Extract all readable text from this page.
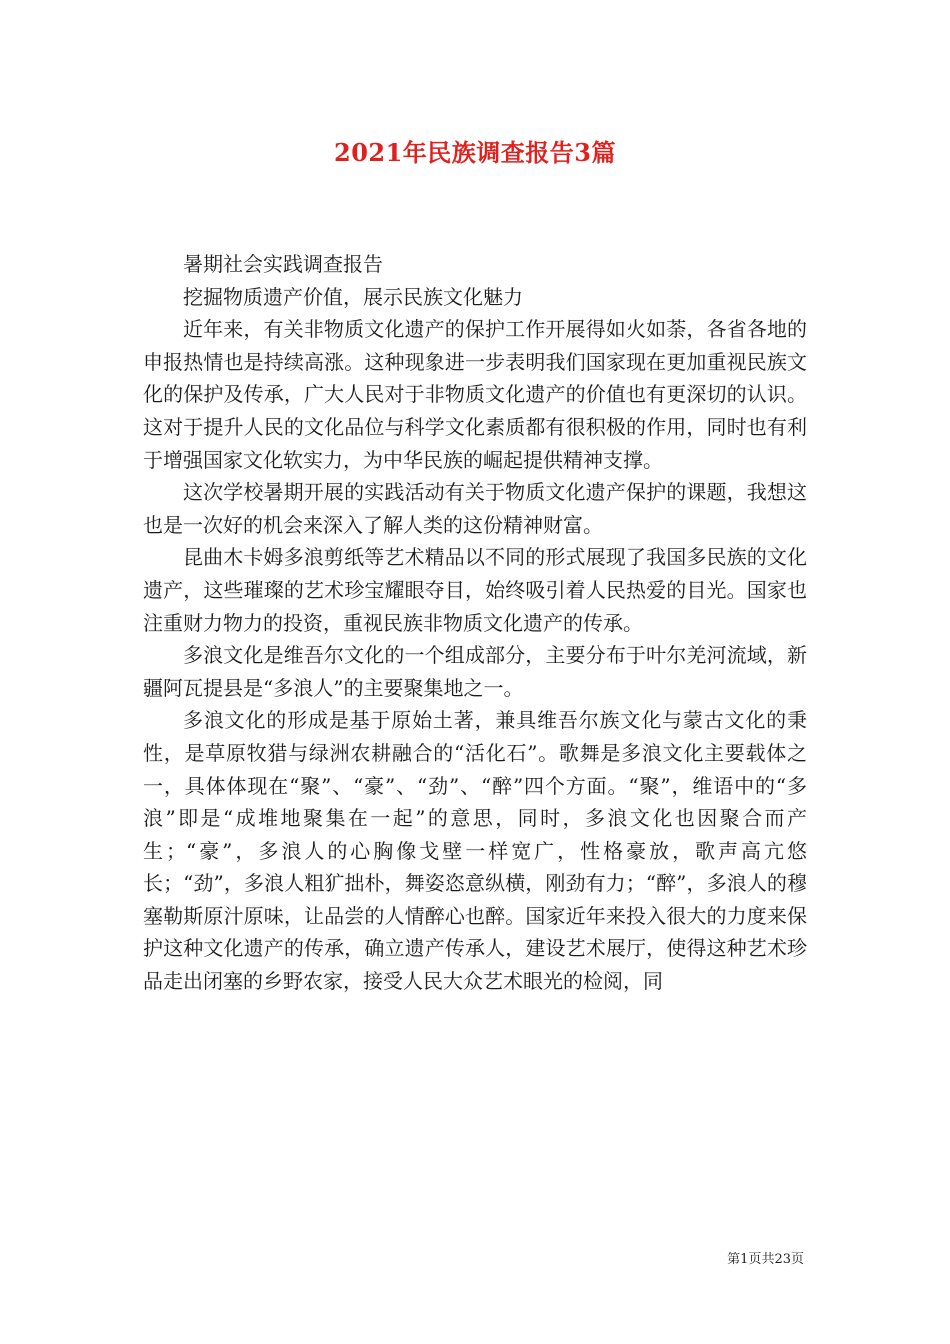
2021年民族调查报告3篇

暑期社会实践调查报告

挖掘物质遗产价值，展示民族文化魅力

近年来，有关非物质文化遗产的保护工作开展得如火如荼，各省各地的申报热情也是持续高涨。这种现象进一步表明我们国家现在更加重视民族文化的保护及传承，广大人民对于非物质文化遗产的价值也有更深切的认识。这对于提升人民的文化品位与科学文化素质都有很积极的作用，同时也有利于增强国家文化软实力，为中华民族的崛起提供精神支撑。

这次学校暑期开展的实践活动有关于物质文化遗产保护的课题，我想这也是一次好的机会来深入了解人类的这份精神财富。

昆曲木卡姆多浪剪纸等艺术精品以不同的形式展现了我国多民族的文化遗产，这些璀璨的艺术珍宝耀眼夺目，始终吸引着人民热爱的目光。国家也注重财力物力的投资，重视民族非物质文化遗产的传承。

多浪文化是维吾尔文化的一个组成部分，主要分布于叶尔羌河流域，新疆阿瓦提县是“多浪人”的主要聚集地之一。

多浪文化的形成是基于原始土著，兼具维吾尔族文化与蒙古文化的秉性，是草原牧猎与绿洲农耕融合的“活化石”。歌舞是多浪文化主要载体之一，具体体现在“聚”、“豪”、“劲”、“醉”四个方面。“聚”，维语中的“多浪”即是“成堆地聚集在一起”的意思，同时，多浪文化也因聚合而产生；“豪”，多浪人的心胸像戈壁一样宽广，性格豪放，歌声高亢悠长；“劲”，多浪人粗犷拙朴，舞姿恣意纵横，刚劲有力；“醉”，多浪人的穆塞勒斯原汁原味，让品尝的人情醉心也醉。国家近年来投入很大的力度来保护这种文化遗产的传承，确立遗产传承人，建设艺术展厅，使得这种艺术珍品走出闭塞的乡野农家，接受人民大众艺术眼光的检阅，同

第1页共23页
